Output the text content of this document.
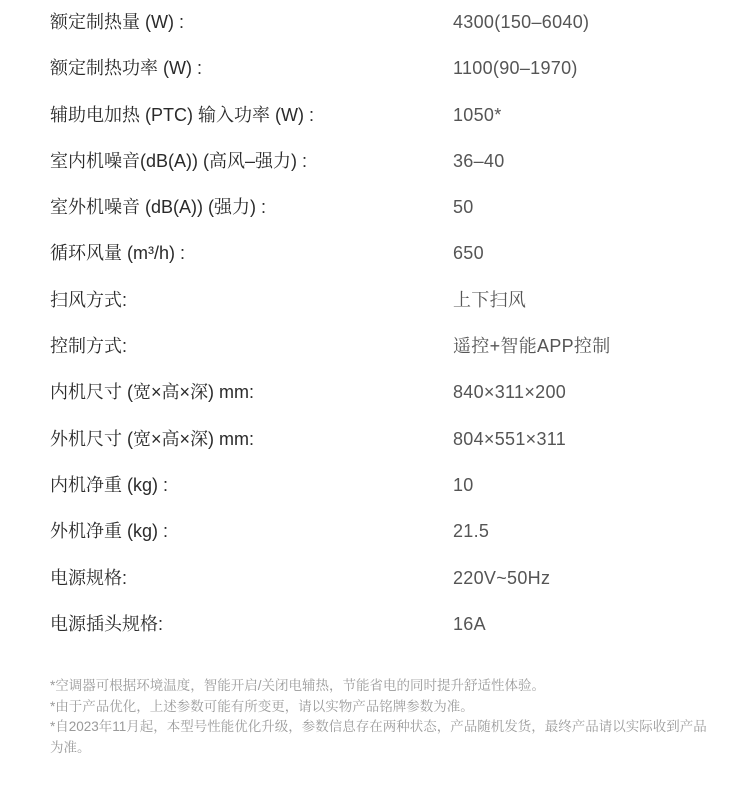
额定制热量 (W) :	4300(150–6040)
额定制热功率 (W) :	1100(90–1970)
辅助电加热 (PTC) 输入功率 (W) :	1050*
室内机噪音(dB(A)) (高风–强力) :	36–40
室外机噪音 (dB(A)) (强力) :	50
循环风量 (m³/h) :	650
扫风方式:	上下扫风
控制方式:	遥控+智能APP控制
内机尺寸 (宽×高×深) mm:	840×311×200
外机尺寸 (宽×高×深) mm:	804×551×311
内机净重 (kg) :	10
外机净重 (kg) :	21.5
电源规格:	220V~50Hz
电源插头规格:	16A

*空调器可根据环境温度，智能开启/关闭电辅热，节能省电的同时提升舒适性体验。

*由于产品优化，上述参数可能有所变更，请以实物产品铭牌参数为准。

*自2023年11月起，本型号性能优化升级，参数信息存在两种状态，产品随机发货，最终产品请以实际收到产品为准。
